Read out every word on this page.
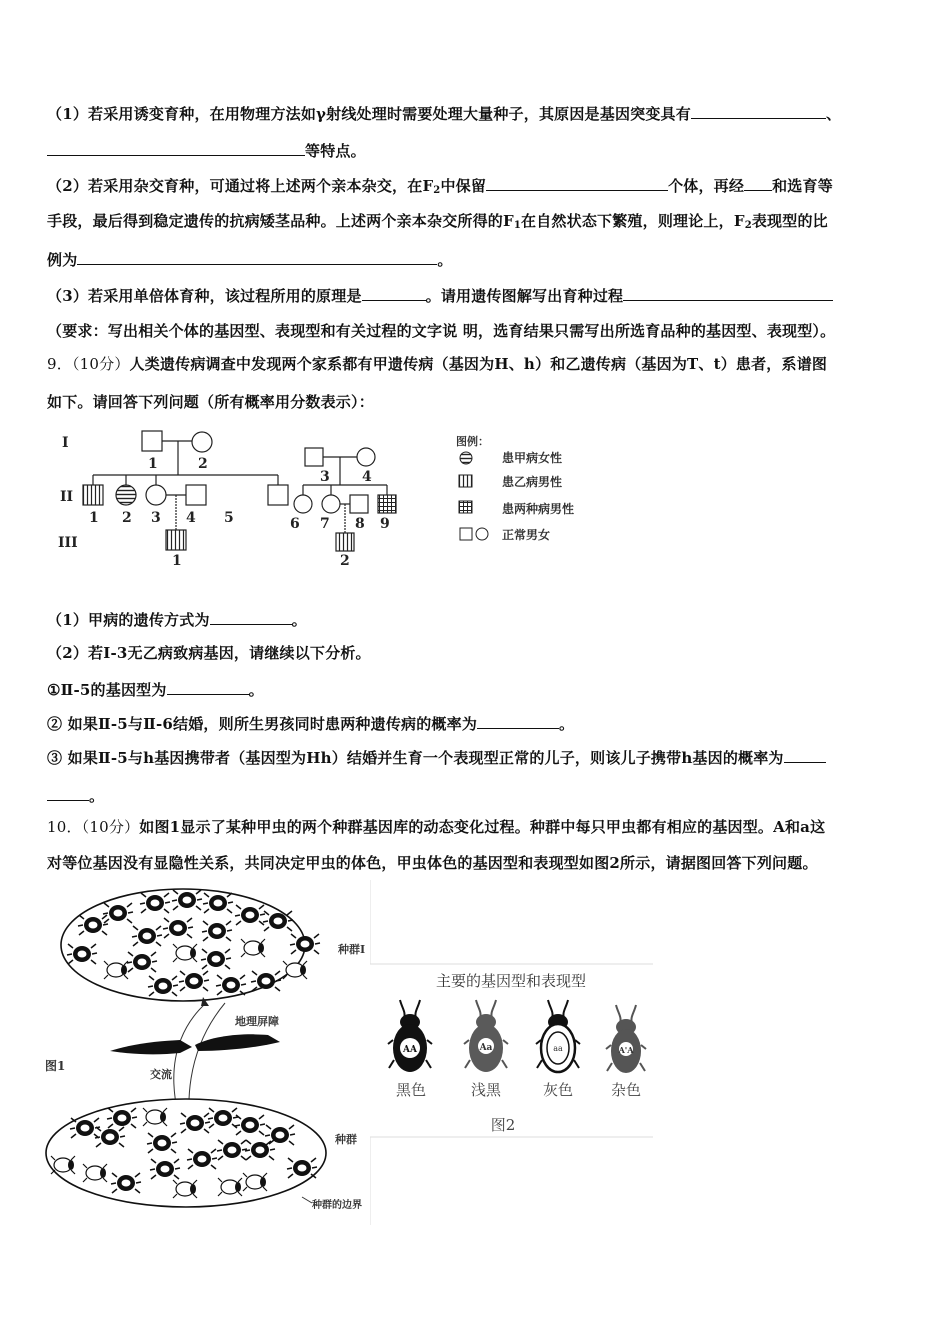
（1）若采用诱变育种，在用物理方法如γ射线处理时需要处理大量种子，其原因是基因突变具有	、
等特点。
（2）若采用杂交育种，可通过将上述两个亲本杂交，在$F_2$中保留	个体，再经 和选育等
手段，最后得到稳定遗传的抗病矮茎品种。上述两个亲本杂交所得的$F_1$在自然状态下繁殖，则理论上，$F_2$表现型的比
例为	。
（3）若采用单倍体育种，该过程所用的原理是	。请用遗传图解写出育种过程
（要求：写出相关个体的基因型、表现型和有关过程的文字说 明，选育结果只需写出所选育品种的基因型、表现型）。
9．（10分）人类遗传病调查中发现两个家系都有甲遗传病（基因为H、h）和乙遗传病（基因为T、t）患者，系谱图
如下。请回答下列问题（所有概率用分数表示）：
I
II
III
1	2
1 2 3 4 5
1
3 4
6 7 8 9
2
图例：
患甲病女性
患乙病男性
患两种病男性
正常男女
（1）甲病的遗传方式为	。
（2）若I-3无乙病致病基因，请继续以下分析。
①Ⅱ-5的基因型为	。
② 如果Ⅱ-5与Ⅱ-6结婚，则所生男孩同时患两种遗传病的概率为	。
③ 如果Ⅱ-5与h基因携带者（基因型为Hh）结婚并生育一个表现型正常的儿子，则该儿子携带h基因的概率为
。
10．（10分）如图1显示了某种甲虫的两个种群基因库的动态变化过程。种群中每只甲虫都有相应的基因型。A和a这
对等位基因没有显隐性关系，共同决定甲虫的体色，甲虫体色的基因型和表现型如图2所示，请据图回答下列问题。
种群Ⅰ
地理屏障
图1
交流
种群
种群的边界
主要的基因型和表现型
AA	Aa	aa	A'A
黑色	浅黑	灰色	杂色
图2
